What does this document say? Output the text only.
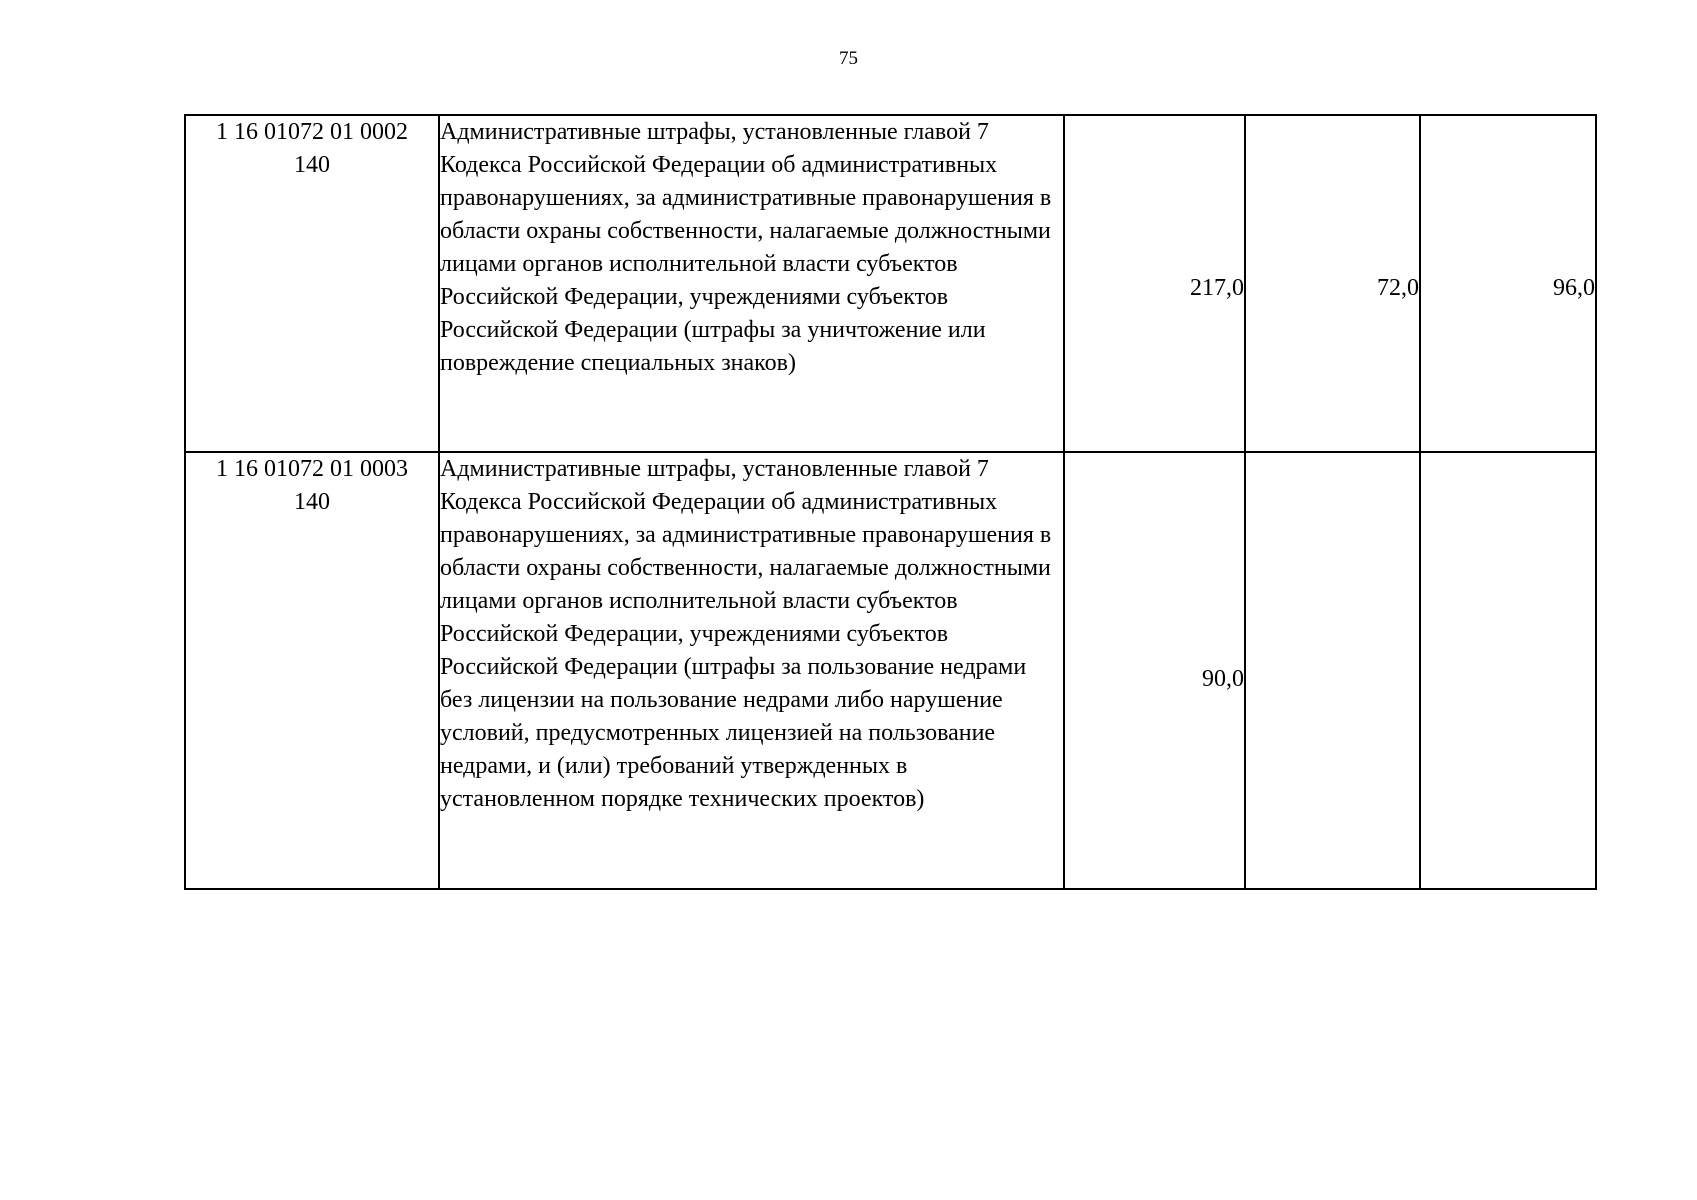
75
1 16 01072 01 0002
140	Административные штрафы, установленные главой 7 Кодекса Российской Федерации об административных правонарушениях, за административные правонарушения в области охраны собственности, налагаемые должностными лицами органов исполнительной власти субъектов Российской Федерации, учреждениями субъектов Российской Федерации (штрафы за уничтожение или повреждение специальных знаков)	217,0	72,0	96,0

1 16 01072 01 0003
140	Административные штрафы, установленные главой 7 Кодекса Российской Федерации об административных правонарушениях, за административные правонарушения в области охраны собственности, налагаемые должностными лицами органов исполнительной власти субъектов Российской Федерации, учреждениями субъектов Российской Федерации (штрафы за пользование недрами без лицензии на пользование недрами либо нарушение условий, предусмотренных лицензией на пользование недрами, и (или) требований утвержденных в установленном порядке технических проектов)	90,0		
